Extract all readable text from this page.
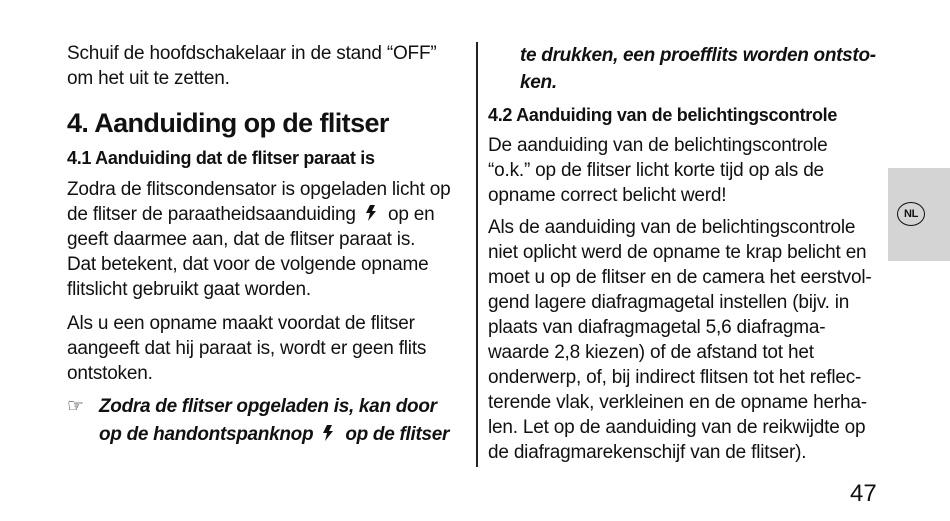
Schuif de hoofdschakelaar in de stand “OFF”

om het uit te zetten.

4. Aanduiding op de flitser
4.1 Aanduiding dat de flitser paraat is

Zodra de flitscondensator is opgeladen licht op

de flitser de paraatheidsaanduiding op en

geeft daarmee aan, dat de flitser paraat is.

Dat betekent, dat voor de volgende opname

flitslicht gebruikt gaat worden.

Als u een opname maakt voordat de flitser

aangeeft dat hij paraat is, wordt er geen flits

ontstoken.

☞ Zodra de flitser opgeladen is, kan door
op de handontspanknop op de flitser
te drukken, een proefflits worden ontsto-
ken.
4.2 Aanduiding van de belichtingscontrole

De aanduiding van de belichtingscontrole

“o.k.” op de flitser licht korte tijd op als de

opname correct belicht werd!

Als de aanduiding van de belichtingscontrole

niet oplicht werd de opname te krap belicht en

moet u op de flitser en de camera het eerstvol-

gend lagere diafragmagetal instellen (bijv. in

plaats van diafragmagetal 5,6 diafragma-

waarde 2,8 kiezen) of de afstand tot het

onderwerp, of, bij indirect flitsen tot het reflec-

terende vlak, verkleinen en de opname herha-

len. Let op de aanduiding van de reikwijdte op

de diafragmarekenschijf van de flitser).

NL
47
